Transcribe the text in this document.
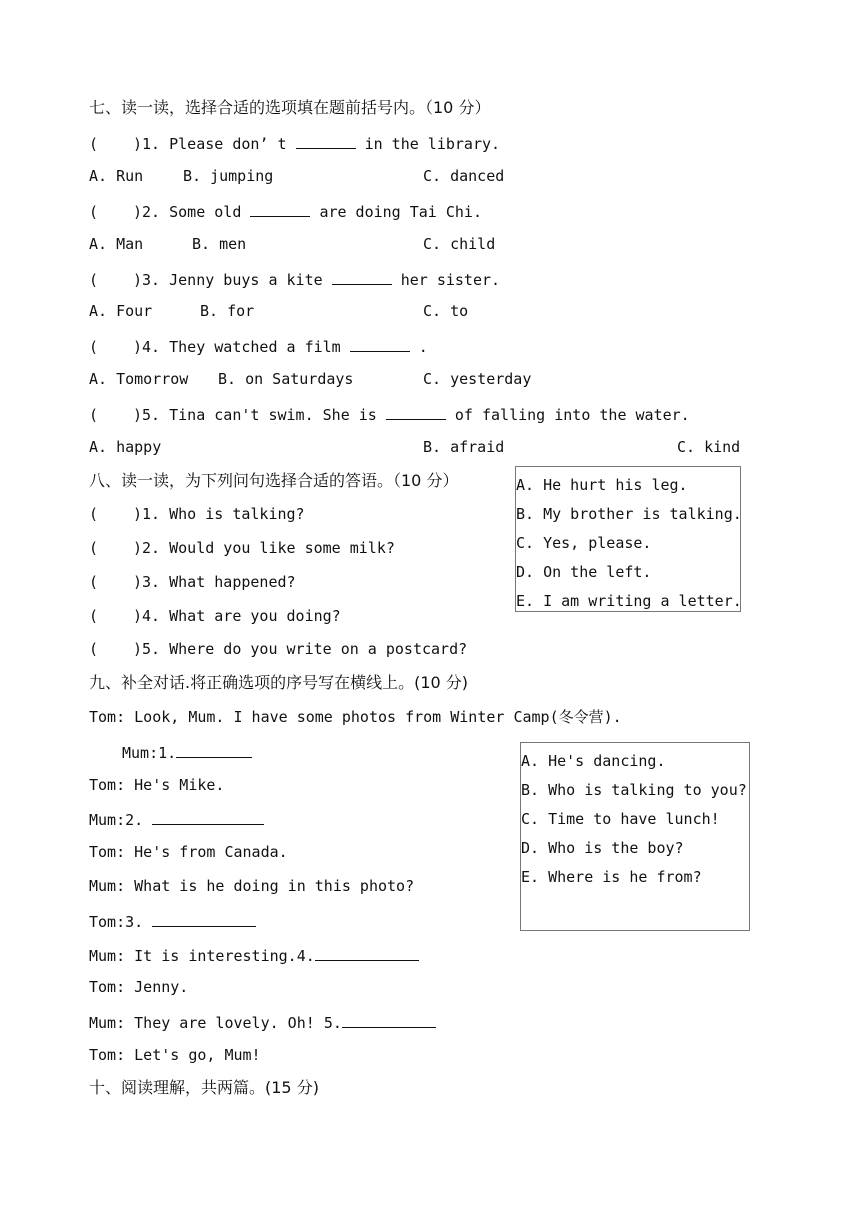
七、读一读，选择合适的选项填在题前括号内。（10 分）
( )1. Please don’ t	in the library.
A. Run	B. jumping	C. danced
( )2. Some old	are doing Tai Chi.
A. Man	B. men	C. child
( )3. Jenny buys a kite	her sister.
A. Four	B. for	C. to
( )4. They watched a film	.
A. Tomorrow B. on Saturdays	C. yesterday
( )5. Tina can't swim. She is	of falling into the water.
A. happy	B. afraid	C. kind
八、读一读，为下列问句选择合适的答语。（10 分）
( )1. Who is talking?
( )2. Would you like some milk?
( )3. What happened?
( )4. What are you doing?
( )5. Where do you write on a postcard?
A. He hurt his leg.
B. My brother is talking.
C. Yes, please.
D. On the left.
E. I am writing a letter.
九、补全对话.将正确选项的序号写在横线上。(10 分)
Tom: Look, Mum. I have some photos from Winter Camp(冬令营).
Mum:1.
Tom: He's Mike.
Mum:2.
Tom: He's from Canada.
Mum: What is he doing in this photo?
Tom:3.
Mum: It is interesting.4.
Tom: Jenny.
Mum: They are lovely. Oh! 5.
Tom: Let's go, Mum!
A. He's dancing.
B. Who is talking to you?
C. Time to have lunch!
D. Who is the boy?
E. Where is he from?
十、阅读理解，共两篇。(15 分)
